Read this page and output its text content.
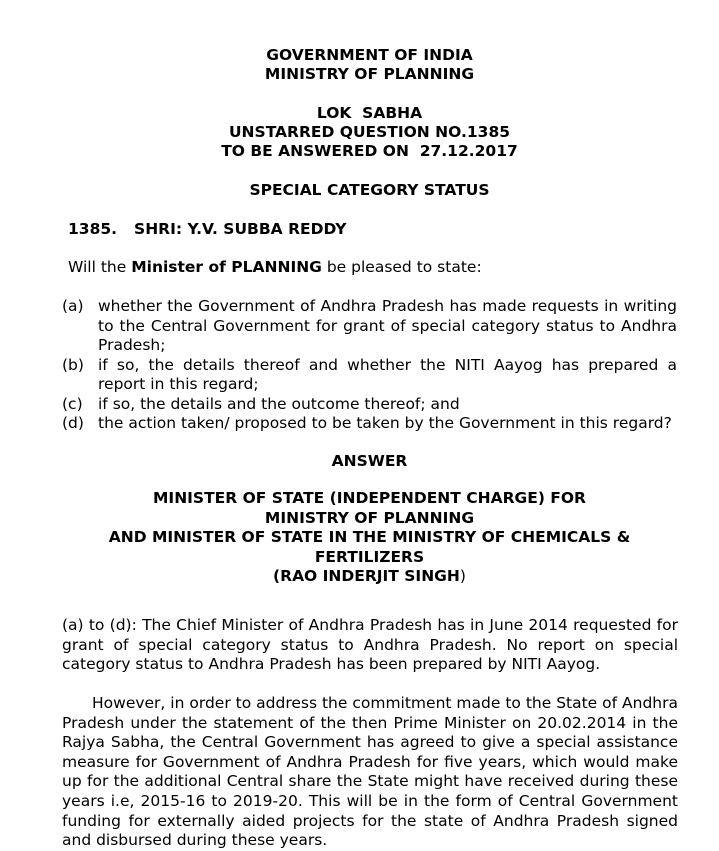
GOVERNMENT OF INDIA
MINISTRY OF PLANNING
LOK  SABHA
UNSTARRED QUESTION NO.1385
TO BE ANSWERED ON  27.12.2017
SPECIAL CATEGORY STATUS
1385. SHRI: Y.V. SUBBA REDDY
Will the Minister of PLANNING be pleased to state:
(a) whether the Government of Andhra Pradesh has made requests in writing to the Central Government for grant of special category status to Andhra Pradesh;
(b) if so, the details thereof and whether the NITI Aayog has prepared a report in this regard;
(c) if so, the details and the outcome thereof; and
(d) the action taken/ proposed to be taken by the Government in this regard?
ANSWER
MINISTER OF STATE (INDEPENDENT CHARGE) FOR
MINISTRY OF PLANNING
AND MINISTER OF STATE IN THE MINISTRY OF CHEMICALS &
FERTILIZERS
(RAO INDERJIT SINGH)

(a) to (d): The Chief Minister of Andhra Pradesh has in June 2014 requested for grant of special category status to Andhra Pradesh. No report on special category status to Andhra Pradesh has been prepared by NITI Aayog.

However, in order to address the commitment made to the State of Andhra Pradesh under the statement of the then Prime Minister on 20.02.2014 in the Rajya Sabha, the Central Government has agreed to give a special assistance measure for Government of Andhra Pradesh for five years, which would make up for the additional Central share the State might have received during these years i.e, 2015-16 to 2019-20. This will be in the form of Central Government funding for externally aided projects for the state of Andhra Pradesh signed and disbursed during these years.
